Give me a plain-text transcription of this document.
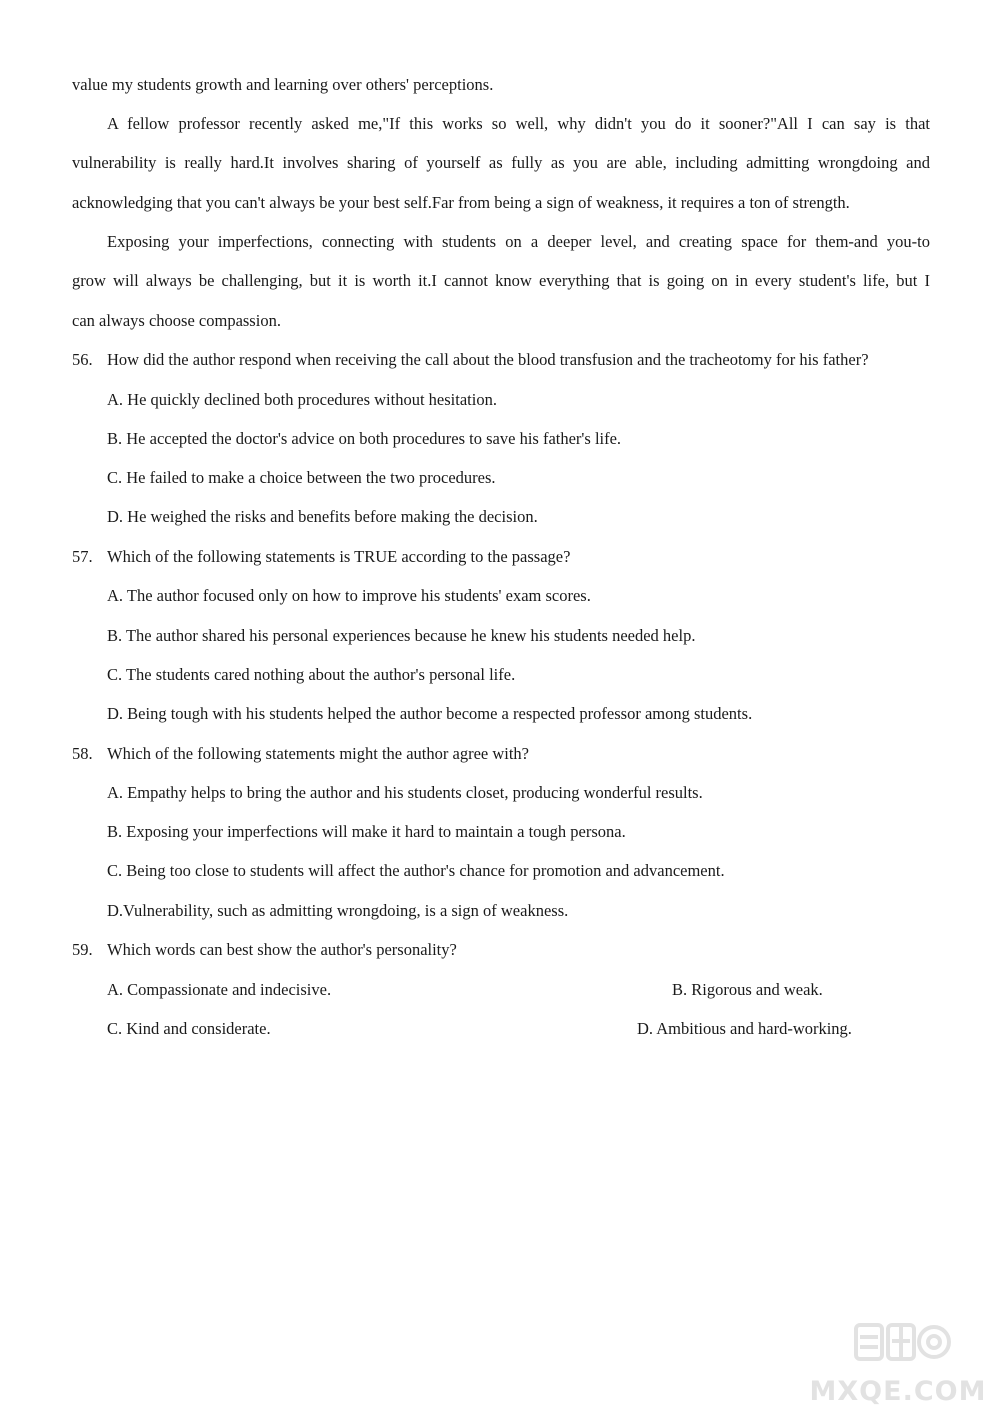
value my students growth and learning over others' perceptions.
A fellow professor recently asked me,"If this works so well, why didn't you do it sooner?"All I can say is that
vulnerability is really hard.It involves sharing of yourself as fully as you are able, including admitting wrongdoing and
acknowledging that you can't always be your best self.Far from being a sign of weakness, it requires a ton of strength.
Exposing your imperfections, connecting with students on a deeper level, and creating space for them-and you-to
grow will always be challenging, but it is worth it.I cannot know everything that is going on in every student's life, but I
can always choose compassion.
56. How did the author respond when receiving the call about the blood transfusion and the tracheotomy for his father?
A. He quickly declined both procedures without hesitation.
B. He accepted the doctor's advice on both procedures to save his father's life.
C. He failed to make a choice between the two procedures.
D. He weighed the risks and benefits before making the decision.
57. Which of the following statements is TRUE according to the passage?
A. The author focused only on how to improve his students' exam scores.
B. The author shared his personal experiences because he knew his students needed help.
C. The students cared nothing about the author's personal life.
D. Being tough with his students helped the author become a respected professor among students.
58. Which of the following statements might the author agree with?
A. Empathy helps to bring the author and his students closet, producing wonderful results.
B. Exposing your imperfections will make it hard to maintain a tough persona.
C. Being too close to students will affect the author's chance for promotion and advancement.
D.Vulnerability, such as admitting wrongdoing, is a sign of weakness.
59. Which words can best show the author's personality?
A. Compassionate and indecisive.	B. Rigorous and weak.
C. Kind and considerate.	D. Ambitious and hard-working.
MXQE.COM
